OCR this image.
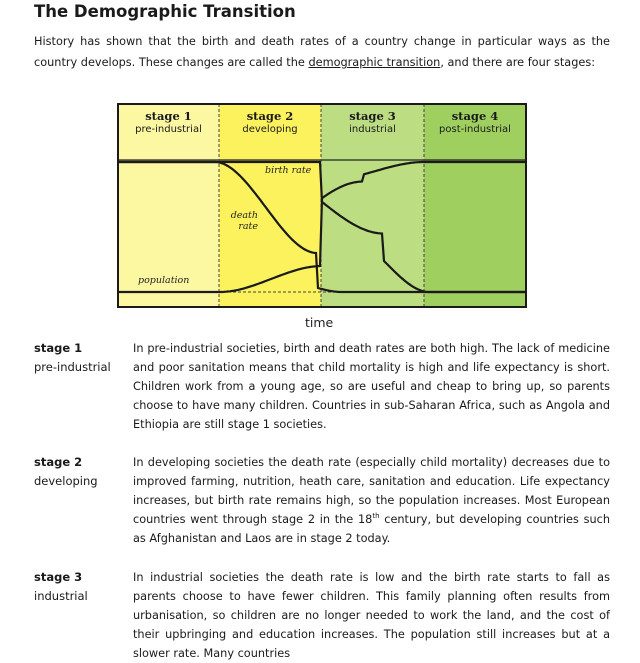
The Demographic Transition

History has shown that the birth and death rates of a country change in particular ways as the country develops. These changes are called the demographic transition, and there are four stages:

stage 1
pre-industrial
stage 2
developing
stage 3
industrial
stage 4
post-industrial
birth rate
death
rate
population
time
stage 1
pre-industrial

In pre-industrial societies, birth and death rates are both high. The lack of medicine and poor sanitation means that child mortality is high and life expectancy is short. Children work from a young age, so are useful and cheap to bring up, so parents choose to have many children. Countries in sub-Saharan Africa, such as Angola and Ethiopia are still stage 1 societies.

stage 2
developing

In developing societies the death rate (especially child mortality) decreases due to improved farming, nutrition, heath care, sanitation and education. Life expectancy increases, but birth rate remains high, so the population increases. Most European countries went through stage 2 in the 18th century, but developing countries such as Afghanistan and Laos are in stage 2 today.

stage 3
industrial

In industrial societies the death rate is low and the birth rate starts to fall as parents choose to have fewer children. This family planning often results from urbanisation, so children are no longer needed to work the land, and the cost of their upbringing and education increases. The population still increases but at a slower rate. Many countries
